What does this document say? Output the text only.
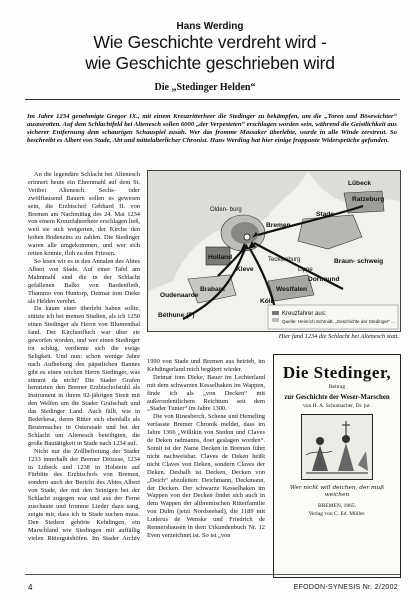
Hans Werding
Wie Geschichte verdreht wird -
wie Geschichte geschrieben wird
Die „Stedinger Helden“
Im Jahre 1234 genehmigte Gregor IX., mit einem Kreuzritterheer die Stedinger zu bekämpfen, um die „Toren und Bösewichter“ auszurotten. Auf dem Schlachtfeld bei Altenesch sollen 6000 „der Verpesteten“ erschlagen worden sein, während die Geistlichkeit aus sicherer Entfernung dem schaurigen Schauspiel zusah. Wer das fromme Massaker überlebte, wurde in alle Winde zerstreut. So beschreibt es Albert von Stade, Abt und mittelalterlicher Chronist. Hans Werding hat hier einige frappante Widersprüche gefunden.

An die legendäre Schlacht bei Altenesch erinnert heute ein Ehrenmahl auf dem St. Veitbei Altenesch. Sechs- oder zwölftausend Bauern sollen es gewesen sein, die Erzbischof Gebhard II. von Bremen am Nachmittag des 24. Mai 1234 von einem Kreuzfahrerheer erschlagen ließ, weil sie sich weigerten, der Kirche den hohen Bodenzins zu zahlen. Die Stedinger waren alle umgekommen, und wer sich retten konnte, floh zu den Friesen.

So lesen wir es in den Annalen des Abtes Albert von Stade. Auf einer Tafel am Mahnmahl sind die in der Schlacht gefallenen Balko von Bardenfleth, Thammo von Huntorp, Detmar tom Dieke als Helden verehrt.

Da kaum einer überlebt haben sollte, stützte ich bei meinen Studien, als ich 1250 einen Stedinger als Herrn von Blumenthal fand. Der Kirchenfluch war über sie geworfen worden, und wer einen Stedinger tot schlug, verdiente sich die ewige Seligkeit. Und nun: schon wenige Jahre nach Aufhebung des päpstlichen Bannes gibt es einen reichen Herrn Stedinger, was stimmt da nicht? Die Stader Grafen benutzten den Bremer Erzbischofstuhl als Instrument in ihrem 92-jährigen Streit mit den Welfen um die Stader Grafschaft und das Stedinger Land. Auch fällt, wie in Bederkesa, deren Ritter sich ebenfalls als Beutemacher in Osterstade und bei der Schlacht um Altenesch beteiligten, die große Bautätigkeit in Stade nach 1234 auf.

Nicht nur die Zollbefreiung der Stader 1233 innerhalb der Bremer Diözese, 1234 in Lübeck und 1238 in Holstein auf Fürbitte des Erzbischofs von Bremen, sondern auch der Bericht des Abtes Albert von Stade, der mit den Seinigen bei der Schlacht zugegen war und aus der Ferne zuschaute und fromme Lieder dazu sang, zeigte mir, dass ich in Stade suchen muss. Den Stedern gehörte Kehdingen, ein Marschland wie Stedingen mit auffällig vielen Rittergutshöfen. Im Stader Archiv

Kreuzfahrer aus:
Quelle: Heinrich Schmidt, „Geschichte der Stedinger“ ...
Lübeck
Ratzeburg
Olden- burg
Holland
Stade
Bremen
Kleve
Brabant	Westfalen
Braun- schweig
Köln
Oudenaarde
Dortmund
Béthune (F)
Lippe
Tecklenburg
Hier fand 1234 die Schlacht bei Altenesch statt.

1990 von Stade und Bremen aus betrieb, im Kehdingerland reich begütert wieder.

Detmar tom Dieke, Bauer im Lechterland mit dem schwarzen Kesselhaken im Wappen, finde ich als „von Decken“ mit außerordentlichem Reichtum seit dem „Stader Tunier“ im Jahre 1300.

Die von Rinesberch, Schene und Hemeling verfasste Bremer Chronik meldet, dass im Jahre 1366 „Willikin von Stedon und Claves de Deken radmanns, doet geslagen worden“. Somit ist der Name Decken in Bremen führt nicht nachweisbar. Claves de Deken heißt nicht Claves von Deken, sondern Claves der Deken. Deshalb ist Decken, Decken von „Deich“ abzuleiten: Deichmann, Deckmann, der Decken. Der schwarze Kesselhaken im Wappen von der Decken findet sich auch in dem Wappen der altbremischen Ritterfamilie von Dulm (jetzt Nordseebad), die 1189 mit Luderus de Wenske und Friedrich de Rennershausen in dem Urkundenbuch Nr. 12 Even verzeichnet ist. So ist „von

Die Stedinger,
Beitrag
zur Geschichte der Weser-Marschen
von H. A. Schumacher, Dr. jur.
Wer nicht will deichen, der muß weichen
BREMEN, 1865.
Verlag von C. Ed. Müller.
4	EFODON-SYNESIS Nr. 2/2002
